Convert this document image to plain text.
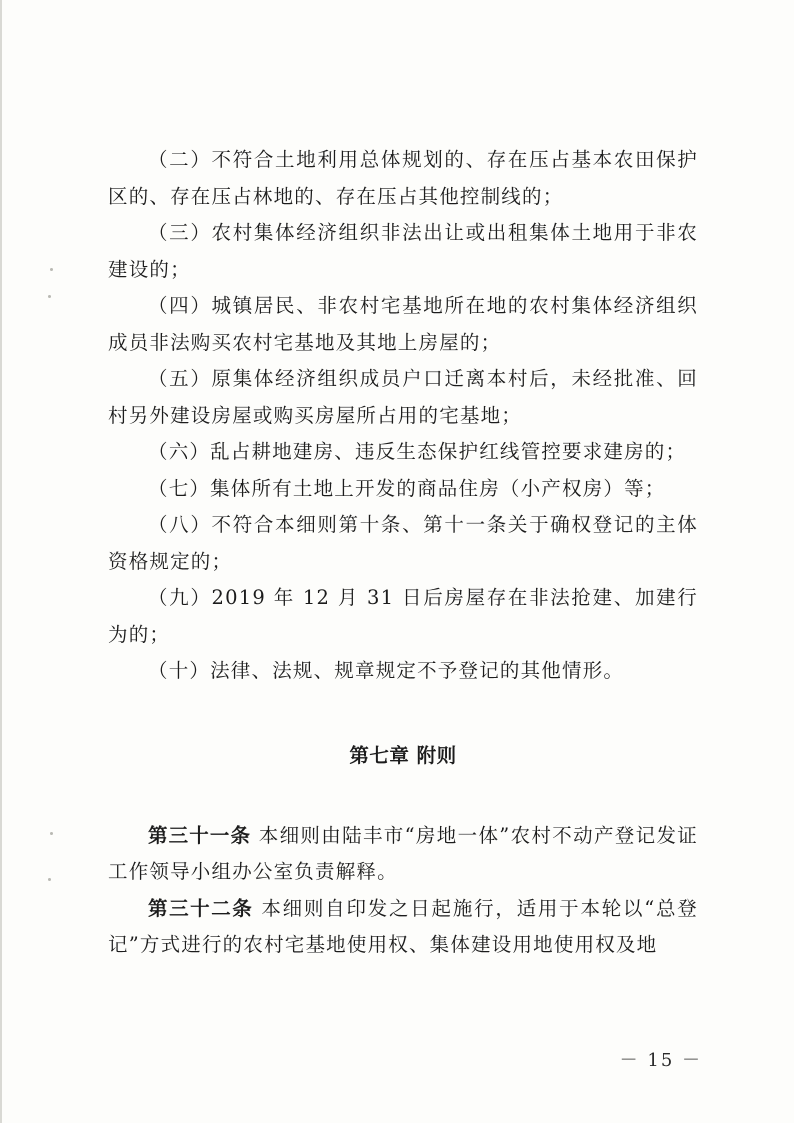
（二）不符合土地利用总体规划的、存在压占基本农田保护区的、存在压占林地的、存在压占其他控制线的；

（三）农村集体经济组织非法出让或出租集体土地用于非农建设的；

（四）城镇居民、非农村宅基地所在地的农村集体经济组织成员非法购买农村宅基地及其地上房屋的；

（五）原集体经济组织成员户口迁离本村后，未经批准、回村另外建设房屋或购买房屋所占用的宅基地；

（六）乱占耕地建房、违反生态保护红线管控要求建房的；

（七）集体所有土地上开发的商品住房（小产权房）等；

（八）不符合本细则第十条、第十一条关于确权登记的主体资格规定的；

（九）2019 年 12 月 31 日后房屋存在非法抢建、加建行为的；

（十）法律、法规、规章规定不予登记的其他情形。

第七章 附则

第三十一条 本细则由陆丰市“房地一体”农村不动产登记发证工作领导小组办公室负责解释。

第三十二条 本细则自印发之日起施行，适用于本轮以“总登记”方式进行的农村宅基地使用权、集体建设用地使用权及地

－ 15 －
